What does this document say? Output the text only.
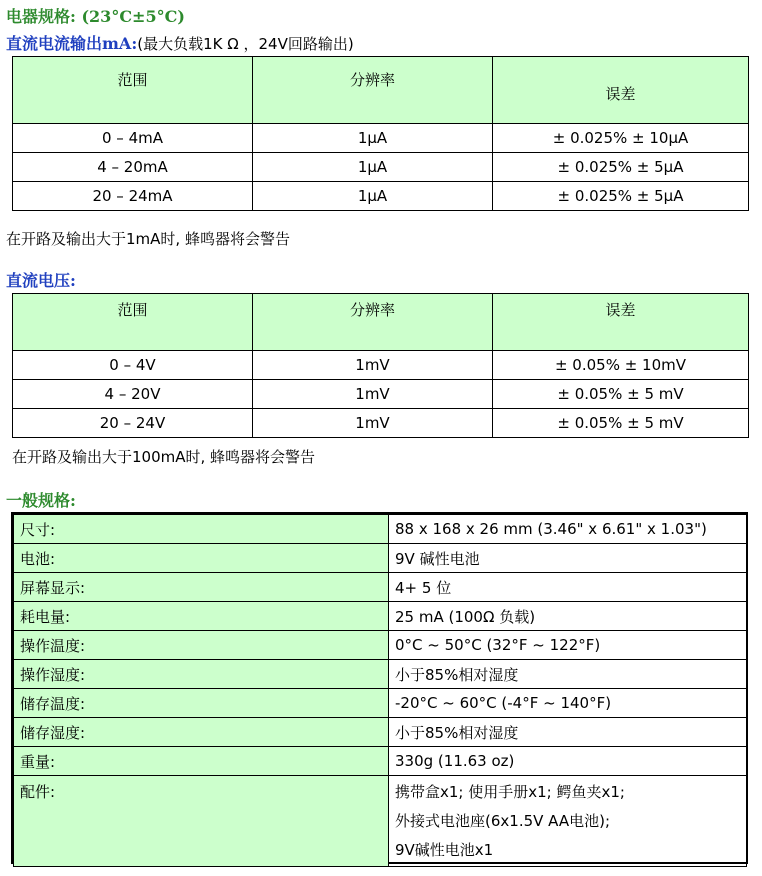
电器规格: (23°C±5°C)
直流电流输出mA:(最大负载1K Ω ，24V回路输出)
范围	分辨率	误差
0 – 4mA	1µA	± 0.025% ± 10µA
4 – 20mA	1µA	± 0.025% ± 5µA
20 – 24mA	1µA	± 0.025% ± 5µA
在开路及输出大于1mA时, 蜂鸣器将会警告
直流电压:
范围	分辨率	误差
0 – 4V	1mV	± 0.05% ± 10mV
4 – 20V	1mV	± 0.05% ± 5 mV
20 – 24V	1mV	± 0.05% ± 5 mV
在开路及输出大于100mA时, 蜂鸣器将会警告
一般规格:
尺寸:	88 x 168 x 26 mm (3.46" x 6.61" x 1.03")
电池:	9V 碱性电池
屏幕显示:	4+ 5 位
耗电量:	25 mA (100Ω 负载)
操作温度:	0°C ~ 50°C (32°F ~ 122°F)
操作湿度:	小于85%相对湿度
储存温度:	-20°C ~ 60°C (-4°F ~ 140°F)
储存湿度:	小于85%相对湿度
重量:	330g (11.63 oz)
配件:	携带盒x1; 使用手册x1; 鳄鱼夹x1;
外接式电池座(6x1.5V AA电池);
9V碱性电池x1
